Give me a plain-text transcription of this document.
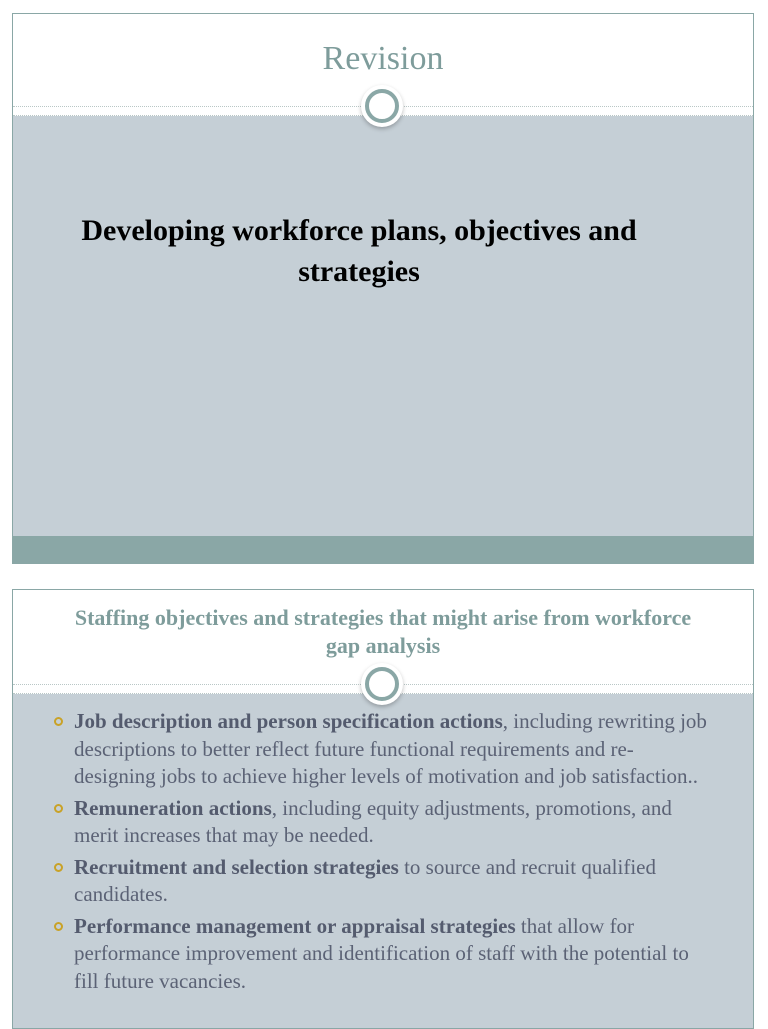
Revision
Developing workforce plans, objectives and strategies
Staffing objectives and strategies that might arise from workforce gap analysis
Job description and person specification actions, including rewriting job descriptions to better reflect future functional requirements and re-designing jobs to achieve higher levels of motivation and job satisfaction..
Remuneration actions, including equity adjustments, promotions, and merit increases that may be needed.
Recruitment and selection strategies to source and recruit qualified candidates.
Performance management or appraisal strategies that allow for performance improvement and identification of staff with the potential to fill future vacancies.
